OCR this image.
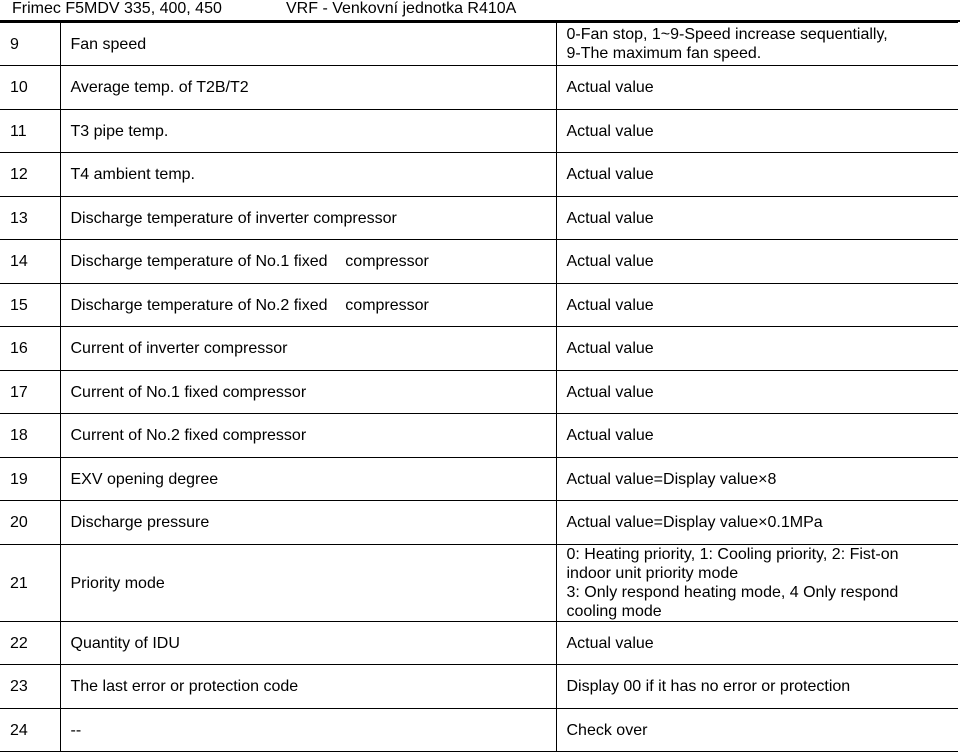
Frimec F5MDV 335, 400, 450	VRF - Venkovní jednotka R410A
9	Fan speed	0-Fan stop, 1~9-Speed increase sequentially,
9-The maximum fan speed.

10	Average temp. of T2B/T2	Actual value

11	T3 pipe temp.	Actual value

12	T4 ambient temp.	Actual value

13	Discharge temperature of inverter compressor	Actual value

14	Discharge temperature of No.1 fixed    compressor	Actual value

15	Discharge temperature of No.2 fixed    compressor	Actual value

16	Current of inverter compressor	Actual value

17	Current of No.1 fixed compressor	Actual value

18	Current of No.2 fixed compressor	Actual value

19	EXV opening degree	Actual value=Display value×8

20	Discharge pressure	Actual value=Display value×0.1MPa

21	Priority mode	0: Heating priority, 1: Cooling priority, 2: Fist-on
indoor unit priority mode
3: Only respond heating mode, 4 Only respond
cooling mode

22	Quantity of IDU	Actual value

23	The last error or protection code	Display 00 if it has no error or protection

24	--	Check over
